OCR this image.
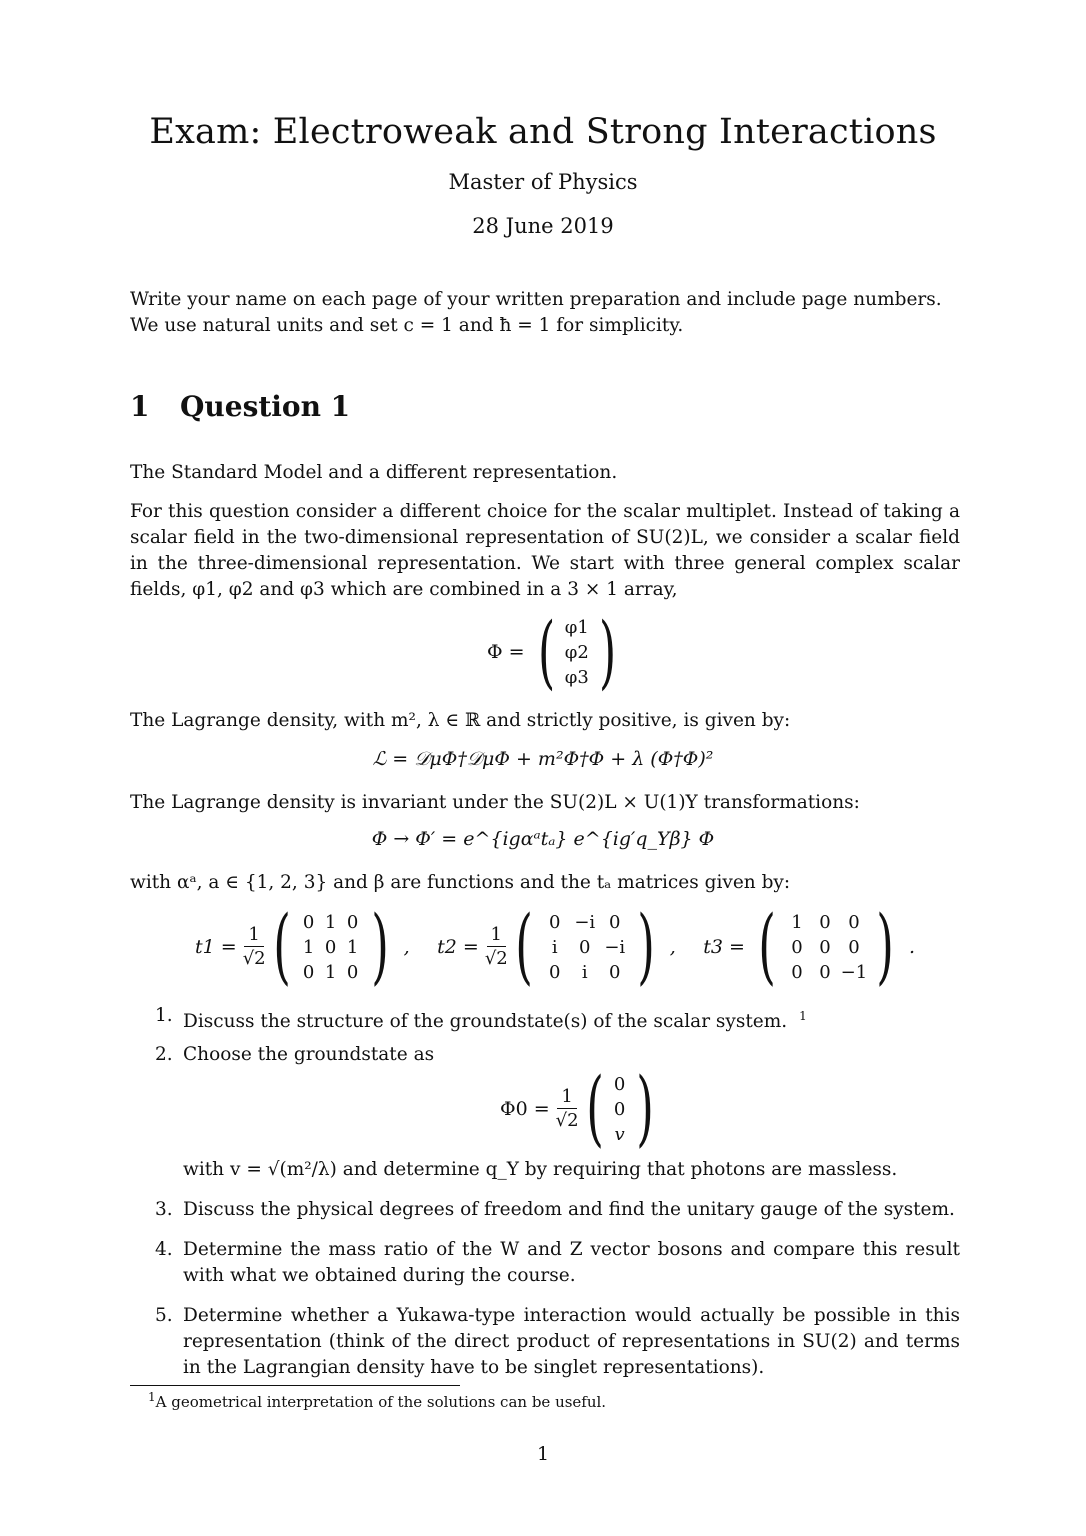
Exam: Electroweak and Strong Interactions
Master of Physics
28 June 2019
Write your name on each page of your written preparation and include page numbers.
We use natural units and set c = 1 and ħ = 1 for simplicity.
1 Question 1
The Standard Model and a different representation.
For this question consider a different choice for the scalar multiplet. Instead of taking a scalar field in the two-dimensional representation of SU(2)L, we consider a scalar field in the three-dimensional representation. We start with three general complex scalar fields, φ1, φ2 and φ3 which are combined in a 3 × 1 array,
Φ = ( φ1
φ2
φ3 )
The Lagrange density, with m², λ ∈ ℝ and strictly positive, is given by:
ℒ = 𝒟μΦ†𝒟μΦ + m²Φ†Φ + λ (Φ†Φ)²
The Lagrange density is invariant under the SU(2)L × U(1)Y transformations:
Φ → Φ′ = e^{igαᵃtₐ} e^{ig′q_Yβ} Φ
with αᵃ, a ∈ {1, 2, 3} and β are functions and the tₐ matrices given by:
$t1 = \frac{1}{√2}$ ( 0 1 0
1 0 1
0 1 0 ) , $t2 = \frac{1}{√2}$ ( 0 −i 0
i	0 −i
0	i	0 ) , t3 = ( 1 0 0
0 0 0
0 0 −1 ) .
1. Discuss the structure of the groundstate(s) of the scalar system. $^1$
2. Choose the groundstate as
$\Phi 0 = \frac{1}{√2}$ ( 0
0
v )
with v = √(m²/λ) and determine q_Y by requiring that photons are massless.
3. Discuss the physical degrees of freedom and find the unitary gauge of the system.
4. Determine the mass ratio of the W and Z vector bosons and compare this result with what we obtained during the course.
5. Determine whether a Yukawa-type interaction would actually be possible in this representation (think of the direct product of representations in SU(2) and terms in the Lagrangian density have to be singlet representations).
$^1$A geometrical interpretation of the solutions can be useful.
1
